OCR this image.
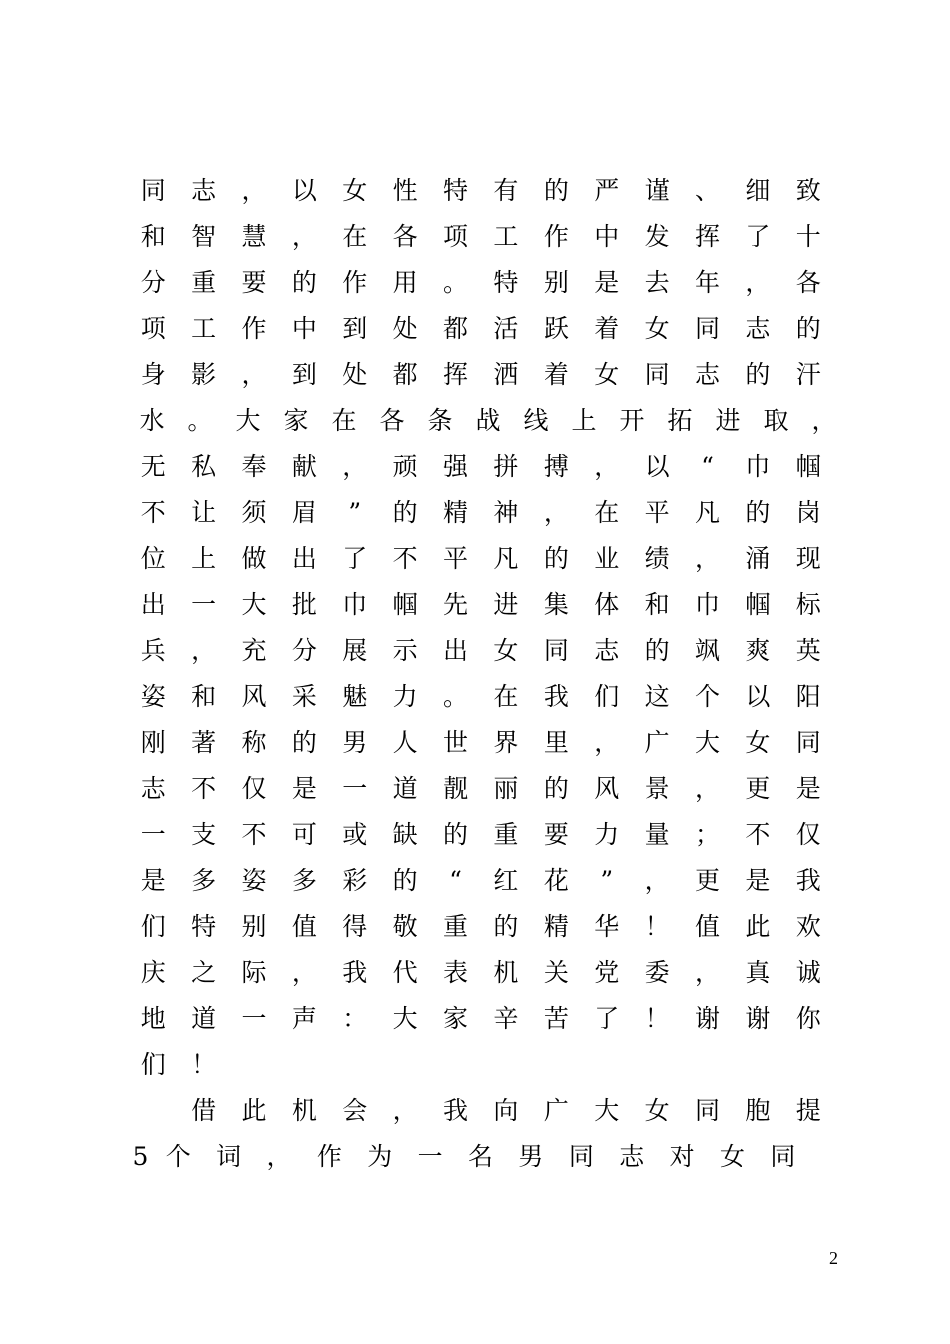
同	志	，	以	女	性	特	有	的	严	谨	、	细	致
和	智	慧	，	在	各	项	工	作	中	发	挥	了	十
分	重	要	的	作	用	。	特	别	是	去	年	，	各
项	工	作	中	到	处	都	活	跃	着	女	同	志	的
身	影	，	到	处	都	挥	洒	着	女	同	志	的	汗
水 。 大 家 在 各 条 战 线 上 开 拓 进 取 ，
无	私	奉	献	，	顽	强	拼	搏	，	以	“	巾	帼
不	让	须	眉	”	的	精	神	，	在	平	凡	的	岗
位	上	做	出	了	不	平	凡	的	业	绩	，	涌	现
出	一	大	批	巾	帼	先	进	集	体	和	巾	帼	标
兵	，	充	分	展	示	出	女	同	志	的	飒	爽	英
姿	和	风	采	魅	力	。	在	我	们	这	个	以	阳
刚	著	称	的	男	人	世	界	里	，	广	大	女	同
志	不	仅	是	一	道	靓	丽	的	风	景	，	更	是
一	支	不	可	或	缺	的	重	要	力	量	；	不	仅
是	多	姿	多	彩	的	“	红	花	”	，	更	是	我
们	特	别	值	得	敬	重	的	精	华	！	值	此	欢
庆	之	际	，	我	代	表	机	关	党	委	，	真	诚
地	道	一	声	：	大	家	辛	苦	了	！	谢	谢	你
们	！

借	此	机	会	，	我	向	广	大	女	同	胞	提
5 个	词	，	作	为	一	名	男	同	志	对	女	同
2
